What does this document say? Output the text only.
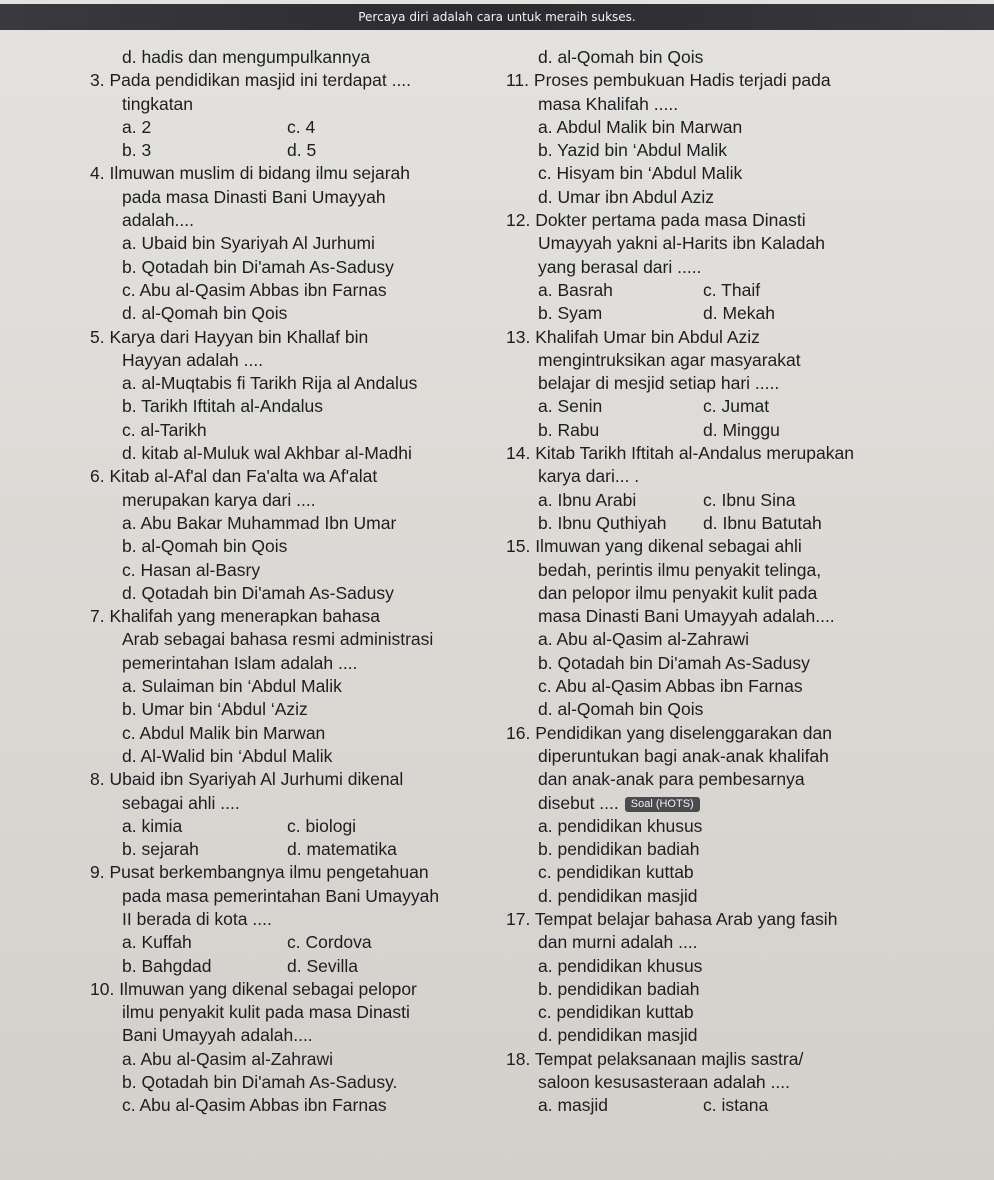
Percaya diri adalah cara untuk meraih sukses.
d. hadis dan mengumpulkannya
3. Pada pendidikan masjid ini terdapat ....
tingkatan
a. 2	c. 4
b. 3	d. 5
4. Ilmuwan muslim di bidang ilmu sejarah
pada masa Dinasti Bani Umayyah
adalah....
a. Ubaid bin Syariyah Al Jurhumi
b. Qotadah bin Di'amah As-Sadusy
c. Abu al-Qasim Abbas ibn Farnas
d. al-Qomah bin Qois
5. Karya dari Hayyan bin Khallaf bin
Hayyan adalah ....
a. al-Muqtabis fi Tarikh Rija al Andalus
b. Tarikh Iftitah al-Andalus
c. al-Tarikh
d. kitab al-Muluk wal Akhbar al-Madhi
6. Kitab al-Af'al dan Fa'alta wa Af'alat
merupakan karya dari ....
a. Abu Bakar Muhammad Ibn Umar
b. al-Qomah bin Qois
c. Hasan al-Basry
d. Qotadah bin Di'amah As-Sadusy
7. Khalifah yang menerapkan bahasa
Arab sebagai bahasa resmi administrasi
pemerintahan Islam adalah ....
a. Sulaiman bin ‘Abdul Malik
b. Umar bin ‘Abdul ‘Aziz
c. Abdul Malik bin Marwan
d. Al-Walid bin ‘Abdul Malik
8. Ubaid ibn Syariyah Al Jurhumi dikenal
sebagai ahli ....
a. kimia	c. biologi
b. sejarah	d. matematika
9. Pusat berkembangnya ilmu pengetahuan
pada masa pemerintahan Bani Umayyah
II berada di kota ....
a. Kuffah	c. Cordova
b. Bahgdad	d. Sevilla
10. Ilmuwan yang dikenal sebagai pelopor
ilmu penyakit kulit pada masa Dinasti
Bani Umayyah adalah....
a. Abu al-Qasim al-Zahrawi
b. Qotadah bin Di'amah As-Sadusy.
c. Abu al-Qasim Abbas ibn Farnas
d. al-Qomah bin Qois
11. Proses pembukuan Hadis terjadi pada
masa Khalifah .....
a. Abdul Malik bin Marwan
b. Yazid bin ‘Abdul Malik
c. Hisyam bin ‘Abdul Malik
d. Umar ibn Abdul Aziz
12. Dokter pertama pada masa Dinasti
Umayyah yakni al-Harits ibn Kaladah
yang berasal dari .....
a. Basrah	c. Thaif
b. Syam	d. Mekah
13. Khalifah Umar bin Abdul Aziz
mengintruksikan agar masyarakat
belajar di mesjid setiap hari .....
a. Senin	c. Jumat
b. Rabu	d. Minggu
14. Kitab Tarikh Iftitah al-Andalus merupakan
karya dari... .
a. Ibnu Arabi	c. Ibnu Sina
b. Ibnu Quthiyah d. Ibnu Batutah
15. Ilmuwan yang dikenal sebagai ahli
bedah, perintis ilmu penyakit telinga,
dan pelopor ilmu penyakit kulit pada
masa Dinasti Bani Umayyah adalah....
a. Abu al-Qasim al-Zahrawi
b. Qotadah bin Di'amah As-Sadusy
c. Abu al-Qasim Abbas ibn Farnas
d. al-Qomah bin Qois
16. Pendidikan yang diselenggarakan dan
diperuntukan bagi anak-anak khalifah
dan anak-anak para pembesarnya
disebut .... Soal (HOTS)
a. pendidikan khusus
b. pendidikan badiah
c. pendidikan kuttab
d. pendidikan masjid
17. Tempat belajar bahasa Arab yang fasih
dan murni adalah ....
a. pendidikan khusus
b. pendidikan badiah
c. pendidikan kuttab
d. pendidikan masjid
18. Tempat pelaksanaan majlis sastra/
saloon kesusasteraan adalah ....
a. masjid	c. istana
